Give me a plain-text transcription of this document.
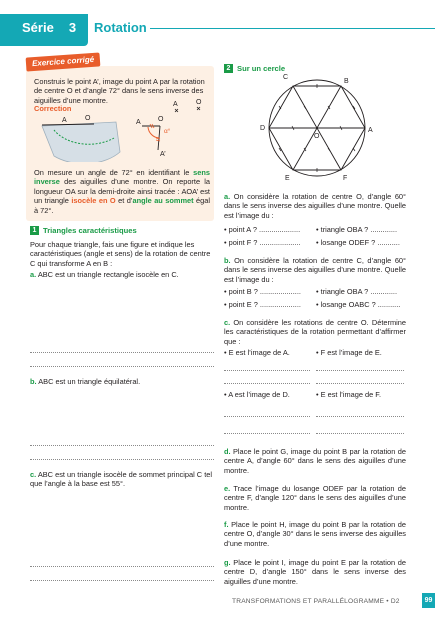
Série	3	Rotation
Exercice corrigé
Construis le point A’, image du point A par la rotation de centre O et d’angle 72° dans le sens inverse des aiguilles d’une montre.
Correction	A	O
A	O
A O
α°
A’
On mesure un angle de 72° en identifiant le sens inverse des aiguilles d’une montre. On reporte la longueur OA sur la demi-droite ainsi tracée : AOA’ est un triangle isocèle en O et d’angle au sommet égal à 72°.
1 Triangles caractéristiques
Pour chaque triangle, fais une figure et indique les caractéristiques (angle et sens) de la rotation de centre C qui transforme A en B :
a. ABC est un triangle rectangle isocèle en C.
b. ABC est un triangle équilatéral.
c. ABC est un triangle isocèle de sommet principal C tel que l’angle à la base est 55°.
2 Sur un cercle
A
B
C
D
E	F
O
a. On considère la rotation de centre O, d’angle 60° dans le sens inverse des aiguilles d’une montre. Quelle est l’image du :
• point A ? ....................	• triangle OBA ? .............
• point F ? ....................	• losange ODEF ? ...........
b. On considère la rotation de centre C, d’angle 60° dans le sens inverse des aiguilles d’une montre. Quelle est l’image du :
• point B ? ....................	• triangle OBA ? .............
• point E ? ....................	• losange OABC ? ...........
c. On considère les rotations de centre O. Détermine les caractéristiques de la rotation permettant d’affirmer que :
• E est l’image de A.	• F est l’image de E.
• A est l’image de D.	• E est l’image de F.
d. Place le point G, image du point B par la rotation de centre A, d’angle 60° dans le sens des aiguilles d’une montre.
e. Trace l’image du losange ODEF par la rotation de centre F, d’angle 120° dans le sens des aiguilles d’une montre.
f. Place le point H, image du point B par la rotation de centre O, d’angle 30° dans le sens inverse des aiguilles d’une montre.
g. Place le point I, image du point E par la rotation de centre D, d’angle 150° dans le sens inverse des aiguilles d’une montre.
TRANSFORMATIONS ET PARALLÉLOGRAMME • D2	99
